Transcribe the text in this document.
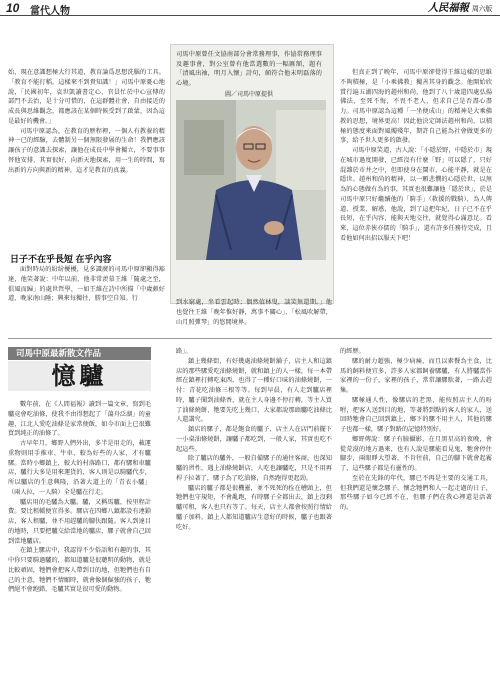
10 當代人物	人民福報 周六版

始，現在意識想極大行其道，教育論爲思想洗腦的工具。「教育不能打稻，這樣來不到貴知識！」司馬中原憂心地說，「民國初年，袁世凱讀書定心，官員忙於中心宣傳的部門不去治，是十分可惜的，在這群體社會，自由接近的成長與思維觀念，都應該在某個時候受到了啟蒙，因為這是最好的機會。」

司馬中原認為，在教育的歷程裡，一個人有教養的精神一已的經驗，去體制另一個無限發展的生命！我們應該讓孩子的意識去探索，讓他在成長中學會獨立，不要事事替他安排，其實很好，向新天地探索，用一生的時間，寫出新的方向與新的精神，這才是教育的真義。

日子不在乎長短 在乎內容

面對時局的紛紛擾擾，見多識廣的司馬中原卻顯得豁達，他笑著說：中年以前，他非常羨慕王維「隨處之至，俱風而歸」的處世哲學，一如王維在詩中所描「中歲頗好道，晚家南山陲；興來每獨往，勝事空自知。行

司馬中原曾任文協南部分會常務理事，作協常務理事及趣事會，對公室曾有他當選數的一幅匾額，題有「清風出袖，明月入懷」詩句，頗符合他未明磊落的心境。
圖／司馬中原提供

到水窮處，坐看雲起時；偶然值林叟，談笑無還期。」他也覺往王維「晚年惟好靜，萬事不關心」、「松風吹解帶，山月照彈琴」的悠閒境界。

但真正到了晚年，司馬中原卻覺得王維這樣的思維不夠積極，是「小乘佛教」獨善其身的觀念。他開始欣賞行遍五湖四海的趙州和尚，他到了八十歲還四處弘揚佛法，至死不悔，不畏不老人，但求自己是否盡心盡力。司馬中原認為這種「一坐便成山」的精神是大乘佛教的思想，境界更高！因此他決定師法趙州和尚，以積極的態度來面對風燭殘年，期許自己能為社會做更多的事，給予世人更多的啟發。

司馬中原笑道，古人說：「小隱於野，中隱於市」現在城市過度開發，已經沒有什麼「野」可以隱了，只好混雜於市井之中，但即使身在鬧市，心能平靜，就是在隱世。趙州和尚的精神，以一顆悲憫的心隱於世，以無為的心態做有為的事，其實也很難讓他「隱於世」，於是司馬中原只好繼續他的「騎手」（救援的戰騎），為人傳道、授業、解惑，他說，到了這把年紀，日子已不在乎長短，在乎內容，能與天地交往，就覺得心滿意足。看來，這位赤俠亦儒的「騎手」，還有許多任務待完成，且看他如何出招以服天下吧！

司馬中原最新散文作品
憶驢

數年前，在《人間福報》讀到一篇文章，寫到毛驢竟會吃油條，使我不由得想起了「蕩舟泛湖」的童趣，江北人愛吃油條是家常便飯，如今市面上已很難買到純正的油條了。

古早年月，鄉野人們外出，多半是用走的，載運重物則用手推車、牛車，較為好些的人家，才有驢騾。當時小鄉鎮上，較大的村落路口，都有騾和車驢店，驢行大多是用來運貨的，客人則是以騎驢代步，所以驢店的生意興隆，沿著大道上的「青衣小驢」（兩人拉，一人騎）全是驢在行走。

驢店用的毛驢為大驢。驢，又稱馬驢，按里程計費。要比租轎便宜得多。騾店在四鄉八鎮都設有連鎖店，客人租驢，並不用趕驢的腳伕跟隨。客人到達目的地時，只要把驢交給當地的驢店，騾子就會自己回到當地驢店。

在鎮上騾店中，我認得不少俗語和有趣的事，其中你只要騎過驢的，都知道驢是很聰明的動物，就是比較頑固，牠們會把客人帶到目的地，但牠們也有自己的主意，牠們不情願時，就會像個倔強的孩子，牠們絕不會跑錯，毛驢其實是很可愛的動物。

路」。

鎮上幾條街，有好幾處油條燒餅舖子，店主人和這鎮店的那些騾愛吃油條燒餅，就和鎮上的人一樣，每一本帶經在鎮裡打轉吃東西，也得了一種好口味的油條燒餅，一付：青花吃油條三根等等。每到早晨，有人走到驢店裡時，驢子聞到油條香，就在主人身邊不停打轉，等主人買了油條燒餅，牠要先吃上幾口，大家都說那頭驢吃油條比人還講究。

鎮店的騾子，都是飽食的驢子，店主人在店門前擺下一小桌油條燒餅，讓驢子都吃到，一般人家，其實也吃不起這些。

除了驢店的驢外，一般自備騾子的通往客商，也深知驢的習性，遇上油條燒餅店，人吃也讓驢吃，只是不用再桿子拉著了，騾子為了吃油條，自然跑得更起勁。

驢店的驢子都是很機靈，並不死死的拴在槽頭上，但牠們也守規矩，不會亂跑，有時騾子全都出去，鎮上沒剩驢可租，客人也只有等了。每天，店主人都會按照行情給驢子加料，鎮上人都知道驢店生意好的時候，驢子也跟著吃好。

的經歷。

騾的耐力超強，極少病痛，而且以素餐為主食，比馬的飼料便宜多，許多人家都飼養騾驢，有人將驢當作家裡的一份子，家裡的孩子，常常讓騾馱著，一路去趕集。

騾極通人性，像騾店的老黑，能按照店主人的吩咐，把客人送到目的地，等著將到點的客人的家人，送回時牠會自己回到鎮上，鄉下的騾不用主人，其他的騾子也都一樣，騾子對路的記憶特別好。

鄉野傳說：騾子有臉攝影，在月黑星高的夜晚，會從荒漠的地方過來，也有人說是騾能看見鬼，牠會停住腳步，兩眼睜大望著，不肯往前，自己的腳下就會起霧了，這些騾子都是有靈性的。

至於在先鋒的年代，騾已不再是主要的交通工具，但我們還是懷念騾子，懷念牠們和人一起走過的日子，那些騾子如今已經不在，但騾子們在我心裡還是活著的。
